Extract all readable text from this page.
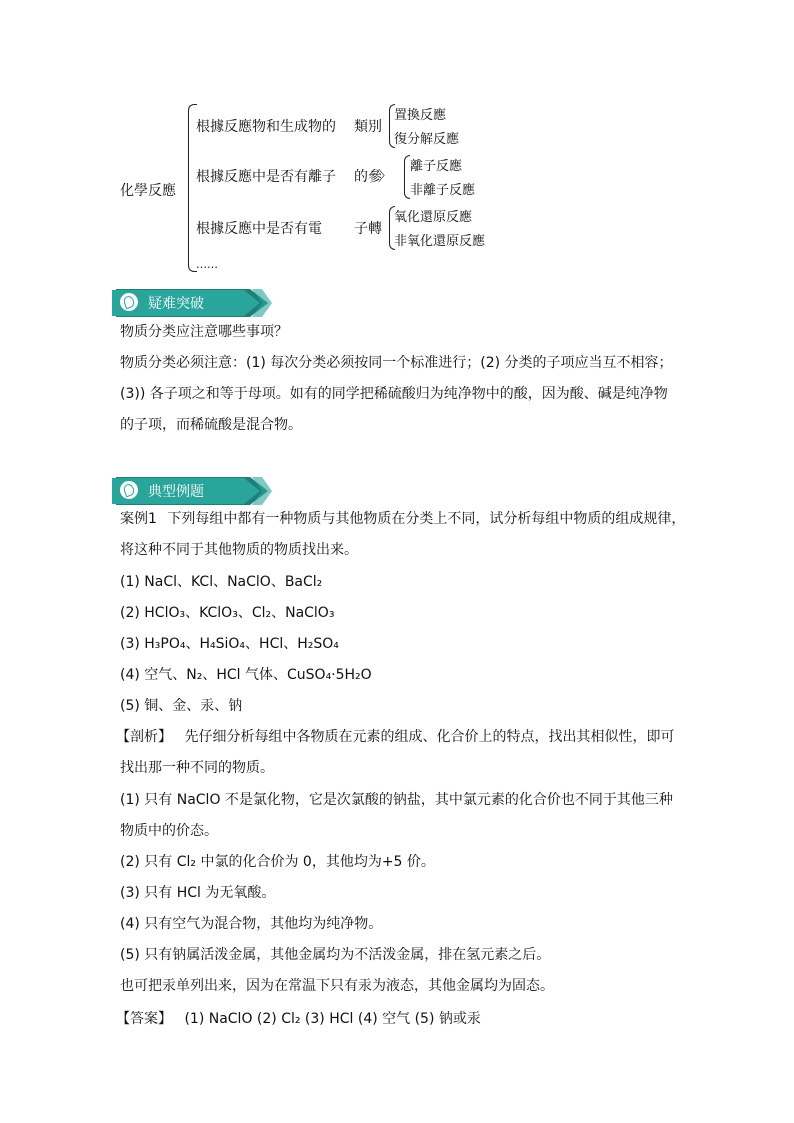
化學反應
根據反應物和生成物的 類別
置換反應
復分解反應
根據反應中是否有離子 的參
〉
離子反應
非離子反應
根據反應中是否有電 子轉
氧化還原反應
非氧化還原反應
……
疑难突破
物质分类应注意哪些事项？
物质分类必须注意：(1) 每次分类必须按同一个标准进行；(2) 分类的子项应当互不相容；
(3)) 各子项之和等于母项。如有的同学把稀硫酸归为纯净物中的酸，因为酸、碱是纯净物
的子项，而稀硫酸是混合物。
典型例题
案例1 下列每组中都有一种物质与其他物质在分类上不同，试分析每组中物质的组成规律，
将这种不同于其他物质的物质找出来。
(1) NaCl、KCl、NaClO、BaCl₂
(2) HClO₃、KClO₃、Cl₂、NaClO₃
(3) H₃PO₄、H₄SiO₄、HCl、H₂SO₄
(4) 空气、N₂、HCl 气体、CuSO₄·5H₂O
(5) 铜、金、汞、钠
【剖析】 先仔细分析每组中各物质在元素的组成、化合价上的特点，找出其相似性，即可
找出那一种不同的物质。
(1) 只有 NaClO 不是氯化物，它是次氯酸的钠盐，其中氯元素的化合价也不同于其他三种
物质中的价态。
(2) 只有 Cl₂ 中氯的化合价为 0，其他均为+5 价。
(3) 只有 HCl 为无氧酸。
(4) 只有空气为混合物，其他均为纯净物。
(5) 只有钠属活泼金属，其他金属均为不活泼金属，排在氢元素之后。
也可把汞单列出来，因为在常温下只有汞为液态，其他金属均为固态。
【答案】 (1) NaClO (2) Cl₂ (3) HCl (4) 空气 (5) 钠或汞
